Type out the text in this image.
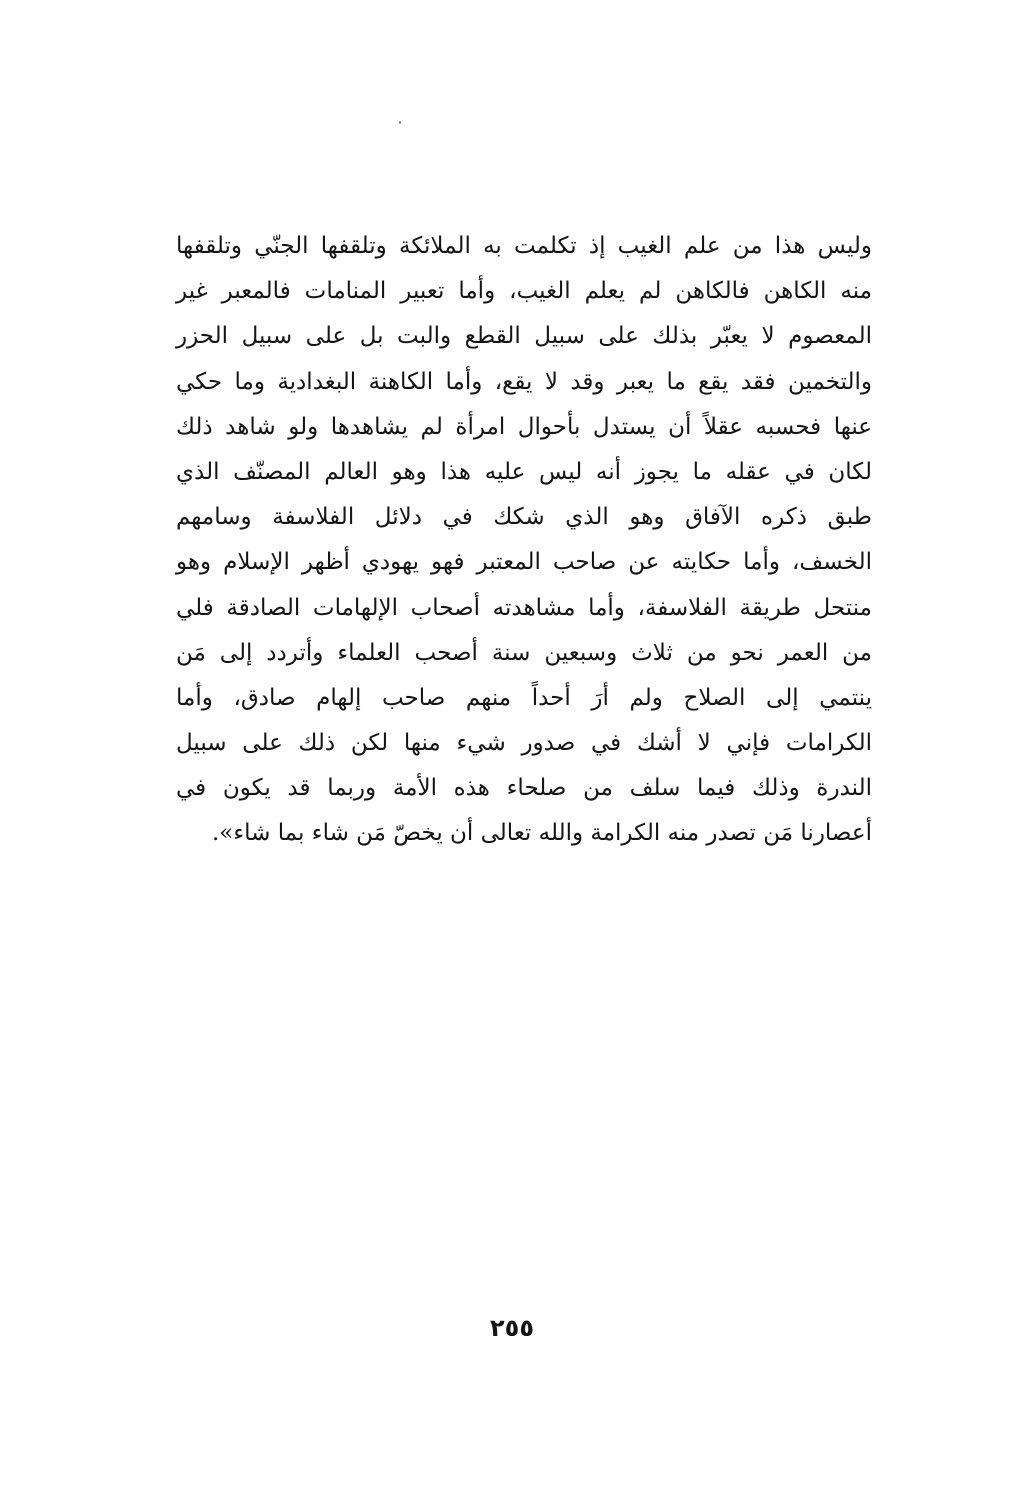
وليس هذا من علم الغيب إذ تكلمت به الملائكة وتلقفها الجنّي وتلقفها
منه الكاهن فالكاهن لم يعلم الغيب، وأما تعبير المنامات فالمعبر غير
المعصوم لا يعبّر بذلك على سبيل القطع والبت بل على سبيل الحزر
والتخمين فقد يقع ما يعبر وقد لا يقع، وأما الكاهنة البغدادية وما حكي
عنها فحسبه عقلاً أن يستدل بأحوال امرأة لم يشاهدها ولو شاهد ذلك
لكان في عقله ما يجوز أنه ليس عليه هذا وهو العالم المصنّف الذي
طبق ذكره الآفاق وهو الذي شكك في دلائل الفلاسفة وسامهم
الخسف، وأما حكايته عن صاحب المعتبر فهو يهودي أظهر الإسلام وهو
منتحل طريقة الفلاسفة، وأما مشاهدته أصحاب الإلهامات الصادقة فلي
من العمر نحو من ثلاث وسبعين سنة أصحب العلماء وأتردد إلى مَن
ينتمي إلى الصلاح ولم أرَ أحداً منهم صاحب إلهام صادق، وأما
الكرامات فإني لا أشك في صدور شيء منها لكن ذلك على سبيل
الندرة وذلك فيما سلف من صلحاء هذه الأمة وربما قد يكون في
أعصارنا مَن تصدر منه الكرامة والله تعالى أن يخصّ مَن شاء بما شاء».
٢٥٥
